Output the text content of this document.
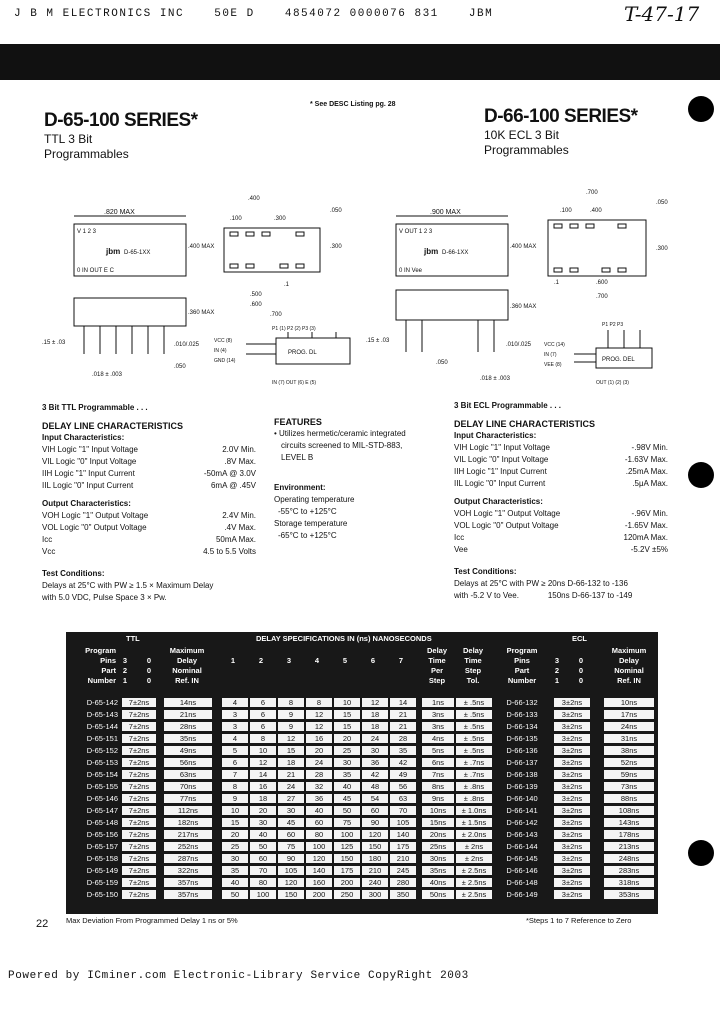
J B M ELECTRONICS INC	50E D	4854072 0000076 831	JBM	T-47-17
* See DESC Listing pg. 28
D-65-100 SERIES*
TTL 3 Bit
Programmables
D-66-100 SERIES*
10K ECL 3 Bit
Programmables
.820 MAX
V 1 2 3
0 IN OUT E C
jbm D-65-1XX
.400 MAX
.360 MAX
.15 ± .03	.010/.025
.018 ± .003
.050
.400
.100	.300
.050
.300
.1
.500
.600
.700
PROG. DL
VCC (8)
IN (4)
GND (14)
P1 (1) P2 (2) P3 (3)
IN (7) OUT (6) E (5)
.900 MAX
V OUT 1 2 3
0 IN Vee
jbm D-66-1XX
.400 MAX
.360 MAX
.15 ± .03
.010/.025
.018 ± .003
.050
.700
.100	.400
.050
.300
.1	.600
.700
PROG. DEL
VCC (14)
IN (7)
VEE (8)
P1 P2 P3
OUT (1) (2) (3)
3 Bit TTL Programmable . . .
DELAY LINE CHARACTERISTICS
Input Characteristics:
VIH Logic "1" Input Voltage	2.0V Min.
VIL Logic "0" Input Voltage	.8V Max.
IIH Logic "1" Input Current	-50mA @ 3.0V
IIL Logic "0" Input Current	6mA @ .45V
Output Characteristics:
VOH Logic "1" Output Voltage	2.4V Min.
VOL Logic "0" Output Voltage	.4V Max.
Icc	50mA Max.
Vcc	4.5 to 5.5 Volts
Test Conditions:
Delays at 25°C with PW ≥ 1.5 × Maximum Delay
with 5.0 VDC, Pulse Space 3 × Pw.
FEATURES
• Utilizes hermetic/ceramic integrated
circuits screened to MIL-STD-883,
LEVEL B
Environment:
Operating temperature
-55°C to +125°C
Storage temperature
-65°C to +125°C
3 Bit ECL Programmable . . .
DELAY LINE CHARACTERISTICS
Input Characteristics:
VIH Logic "1" Input Voltage	-.98V Min.
VIL Logic "0" Input Voltage	-1.63V Max.
IIH Logic "1" Input Current	.25mA Max.
IIL Logic "0" Input Current	.5μA Max.
Output Characteristics:
VOH Logic "1" Output Voltage	-.96V Min.
VOL Logic "0" Output Voltage	-1.65V Max.
Icc	120mA Max.
Vee	-5.2V ±5%
Test Conditions:
Delays at 25°C with PW ≥ 20ns D-66-132 to -136
with -5.2 V to Vee.             150ns D-66-137 to -149
TTL	DELAY SPECIFICATIONS IN (ns) NANOSECONDS	ECL
Program	Maximum	Delay	Delay	Program	Maximum
Pins	Delay	Time	Time	Pins	Delay
Part	Nominal	Per	Step	Part	Nominal
Number	Ref. IN	Step	Tol.	Number	Ref. IN
3	0	3	0
2	0	2	0
1	0	1	0
1	2	3	4	5	6	7
D-65-142	7±2ns	14ns	4	6	8	8	10	12	14	1ns	± .5ns	D-66-132	3±2ns	10ns
D-65-143	7±2ns	21ns	3	6	9	12	15	18	21	3ns	± .5ns	D-66-133	3±2ns	17ns
D-65-144	7±2ns	28ns	3	6	9	12	15	18	21	3ns	± .5ns	D-66-134	3±2ns	24ns
D-65-151	7±2ns	35ns	4	8	12	16	20	24	28	4ns	± .5ns	D-66-135	3±2ns	31ns
D-65-152	7±2ns	49ns	5	10	15	20	25	30	35	5ns	± .5ns	D-66-136	3±2ns	38ns
D-65-153	7±2ns	56ns	6	12	18	24	30	36	42	6ns	± .7ns	D-66-137	3±2ns	52ns
D-65-154	7±2ns	63ns	7	14	21	28	35	42	49	7ns	± .7ns	D-66-138	3±2ns	59ns
D-65-155	7±2ns	70ns	8	16	24	32	40	48	56	8ns	± .8ns	D-66-139	3±2ns	73ns
D-65-146	7±2ns	77ns	9	18	27	36	45	54	63	9ns	± .8ns	D-66-140	3±2ns	88ns
D-65-147	7±2ns	112ns	10	20	30	40	50	60	70	10ns	± 1.0ns	D-66-141	3±2ns	108ns
D-65-148	7±2ns	182ns	15	30	45	60	75	90	105	15ns	± 1.5ns	D-66-142	3±2ns	143ns
D-65-156	7±2ns	217ns	20	40	60	80	100	120	140	20ns	± 2.0ns	D-66-143	3±2ns	178ns
D-65-157	7±2ns	252ns	25	50	75	100	125	150	175	25ns	± 2ns	D-66-144	3±2ns	213ns
D-65-158	7±2ns	287ns	30	60	90	120	150	180	210	30ns	± 2ns	D-66-145	3±2ns	248ns
D-65-149	7±2ns	322ns	35	70	105	140	175	210	245	35ns	± 2.5ns	D-66-146	3±2ns	283ns
D-65-159	7±2ns	357ns	40	80	120	160	200	240	280	40ns	± 2.5ns	D-66-148	3±2ns	318ns
D-65-150	7±2ns	357ns	50	100	150	200	250	300	350	50ns	± 2.5ns	D-66-149	3±2ns	353ns
22 Max Deviation From Programmed Delay 1 ns or 5%	*Steps 1 to 7 Reference to Zero
Powered by ICminer.com Electronic-Library Service CopyRight 2003
